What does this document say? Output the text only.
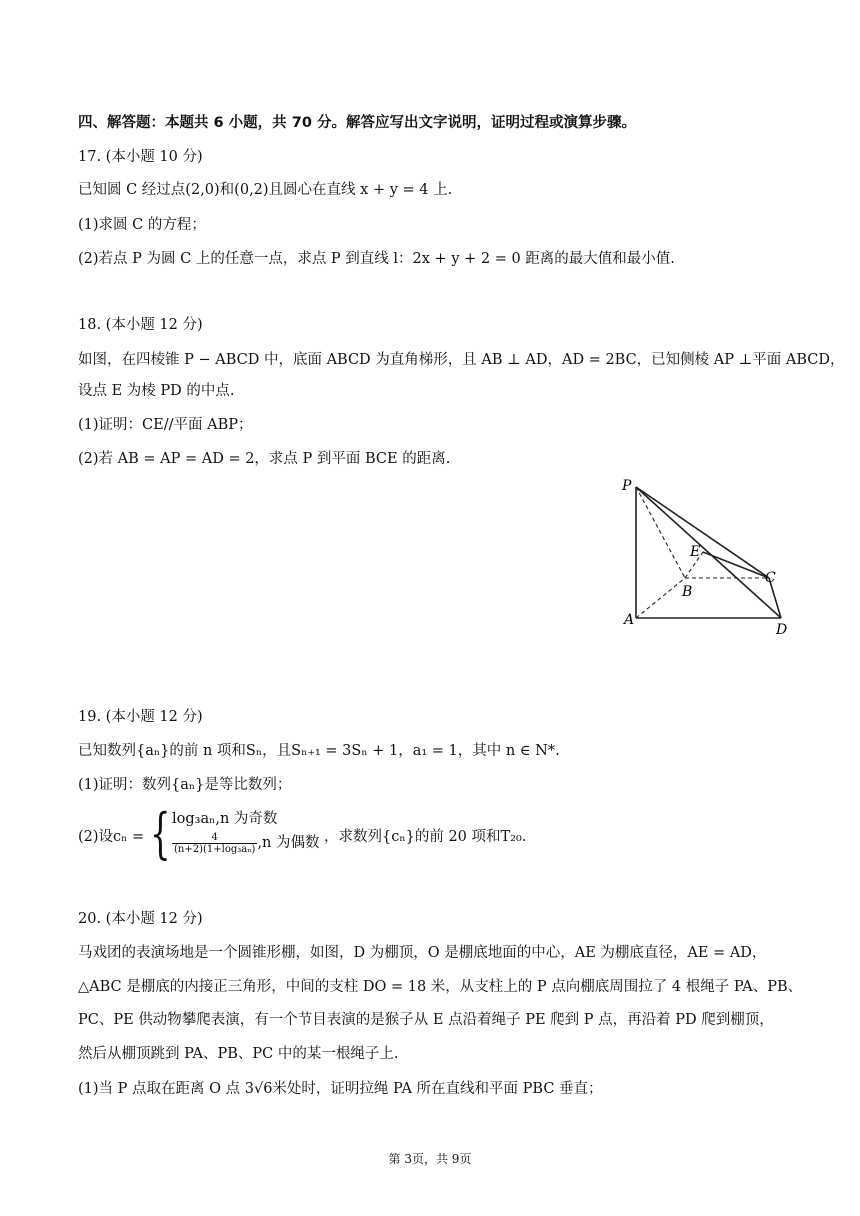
四、解答题：本题共 6 小题，共 70 分。解答应写出文字说明，证明过程或演算步骤。
17. (本小题 10 分)
已知圆 C 经过点(2,0)和(0,2)且圆心在直线 x + y = 4 上.
(1)求圆 C 的方程；
(2)若点 P 为圆 C 上的任意一点，求点 P 到直线 l：2x + y + 2 = 0 距离的最大值和最小值.
18. (本小题 12 分)
如图，在四棱锥 P − ABCD 中，底面 ABCD 为直角梯形，且 AB ⊥ AD，AD = 2BC，已知侧棱 AP ⊥平面 ABCD，
设点 E 为棱 PD 的中点.
(1)证明：CE//平面 ABP；
(2)若 AB = AP = AD = 2，求点 P 到平面 BCE 的距离.
P
E
B
C
A
D
19. (本小题 12 分)
已知数列{aₙ}的前 n 项和Sₙ，且Sₙ₊₁ = 3Sₙ + 1，a₁ = 1，其中 n ∈ N*.
(1)证明：数列{aₙ}是等比数列；
(2)设cₙ = { log₃aₙ,n 为奇数
$\frac{4}{\text{(n+2)(1+log₃aₙ)}} ,n$ 为偶数 ，求数列{cₙ}的前 20 项和T₂₀.
20. (本小题 12 分)
马戏团的表演场地是一个圆锥形棚，如图，D 为棚顶，O 是棚底地面的中心，AE 为棚底直径，AE = AD，
△ABC 是棚底的内接正三角形，中间的支柱 DO = 18 米，从支柱上的 P 点向棚底周围拉了 4 根绳子 PA、PB、
PC、PE 供动物攀爬表演，有一个节目表演的是猴子从 E 点沿着绳子 PE 爬到 P 点，再沿着 PD 爬到棚顶，
然后从棚顶跳到 PA、PB、PC 中的某一根绳子上.
(1)当 P 点取在距离 O 点 3√6米处时，证明拉绳 PA 所在直线和平面 PBC 垂直；
第 3页，共 9页
